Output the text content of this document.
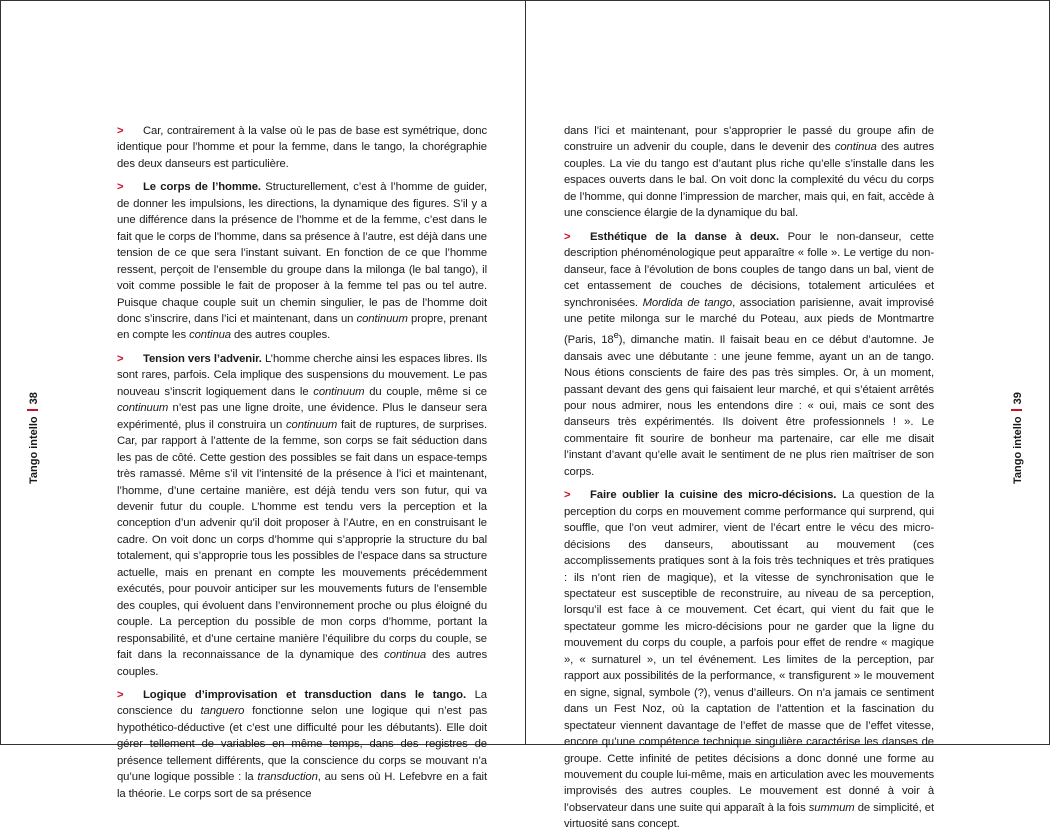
Tango intello38

> Car, contrairement à la valse où le pas de base est symétrique, donc identique pour l’homme et pour la femme, dans le tango, la chorégraphie des deux danseurs est particulière.

> Le corps de l’homme. Structurellement, c’est à l’homme de guider, de donner les impulsions, les directions, la dynamique des figures. S’il y a une différence dans la présence de l’homme et de la femme, c’est dans le fait que le corps de l’homme, dans sa présence à l’autre, est déjà dans une tension de ce que sera l’instant suivant. En fonction de ce que l’homme ressent, perçoit de l’ensemble du groupe dans la milonga (le bal tango), il voit comme possible le fait de proposer à la femme tel pas ou tel autre. Puisque chaque couple suit un chemin singulier, le pas de l’homme doit donc s’inscrire, dans l’ici et maintenant, dans un continuum propre, prenant en compte les continua des autres couples.

> Tension vers l’advenir. L’homme cherche ainsi les espaces libres. Ils sont rares, parfois. Cela implique des suspensions du mouvement. Le pas nouveau s’inscrit logiquement dans le continuum du couple, même si ce continuum n’est pas une ligne droite, une évidence. Plus le danseur sera expérimenté, plus il construira un continuum fait de ruptures, de surprises. Car, par rapport à l’attente de la femme, son corps se fait séduction dans les pas de côté. Cette gestion des possibles se fait dans un espace-temps très ramassé. Même s’il vit l’intensité de la présence à l’ici et maintenant, l’homme, d’une certaine manière, est déjà tendu vers son futur, qui va devenir futur du couple. L’homme est tendu vers la perception et la conception d’un advenir qu’il doit proposer à l’Autre, en en construisant le cadre. On voit donc un corps d’homme qui s’approprie la structure du bal totalement, qui s’approprie tous les possibles de l’espace dans sa structure actuelle, mais en prenant en compte les mouvements précédemment exécutés, pour pouvoir anticiper sur les mouvements futurs de l’ensemble des couples, qui évoluent dans l’environnement proche ou plus éloigné du couple. La perception du possible de mon corps d’homme, portant la responsabilité, et d’une certaine manière l’équilibre du corps du couple, se fait dans la reconnaissance de la dynamique des continua des autres couples.

> Logique d’improvisation et transduction dans le tango. La conscience du tanguero fonctionne selon une logique qui n’est pas hypothético-déductive (et c’est une difficulté pour les débutants). Elle doit gérer tellement de variables en même temps, dans des registres de présence tellement différents, que la conscience du corps se mouvant n’a qu’une logique possible : la transduction, au sens où H. Lefebvre en a fait la théorie. Le corps sort de sa présence

Tango intello39

dans l’ici et maintenant, pour s’approprier le passé du groupe afin de construire un advenir du couple, dans le devenir des continua des autres couples. La vie du tango est d’autant plus riche qu’elle s’installe dans les espaces ouverts dans le bal. On voit donc la complexité du vécu du corps de l’homme, qui donne l’impression de marcher, mais qui, en fait, accède à une conscience élargie de la dynamique du bal.

> Esthétique de la danse à deux. Pour le non-danseur, cette description phénoménologique peut apparaître « folle ». Le vertige du non-danseur, face à l’évolution de bons couples de tango dans un bal, vient de cet entassement de couches de décisions, totalement articulées et synchronisées. Mordida de tango, association parisienne, avait improvisé une petite milonga sur le marché du Poteau, aux pieds de Montmartre (Paris, 18e), dimanche matin. Il faisait beau en ce début d’automne. Je dansais avec une débutante : une jeune femme, ayant un an de tango. Nous étions conscients de faire des pas très simples. Or, à un moment, passant devant des gens qui faisaient leur marché, et qui s’étaient arrêtés pour nous admirer, nous les entendons dire : « oui, mais ce sont des danseurs très expérimentés. Ils doivent être professionnels ! ». Le commentaire fit sourire de bonheur ma partenaire, car elle me disait l’instant d’avant qu’elle avait le sentiment de ne plus rien maîtriser de son corps.

> Faire oublier la cuisine des micro-décisions. La question de la perception du corps en mouvement comme performance qui surprend, qui souffle, que l’on veut admirer, vient de l’écart entre le vécu des micro-décisions des danseurs, aboutissant au mouvement (ces accomplissements pratiques sont à la fois très techniques et très pratiques : ils n’ont rien de magique), et la vitesse de synchronisation que le spectateur est susceptible de reconstruire, au niveau de sa perception, lorsqu’il est face à ce mouvement. Cet écart, qui vient du fait que le spectateur gomme les micro-décisions pour ne garder que la ligne du mouvement du corps du couple, a parfois pour effet de rendre « magique », « surnaturel », un tel événement. Les limites de la perception, par rapport aux possibilités de la performance, « transfigurent » le mouvement en signe, signal, symbole (?), venus d’ailleurs. On n’a jamais ce sentiment dans un Fest Noz, où la captation de l’attention et la fascination du spectateur viennent davantage de l’effet de masse que de l’effet vitesse, encore qu’une compétence technique singulière caractérise les danses de groupe. Cette infinité de petites décisions a donc donné une forme au mouvement du couple lui-même, mais en articulation avec les mouvements improvisés des autres couples. Le mouvement est donné à voir à l’observateur dans une suite qui apparaît à la fois summum de simplicité, et virtuosité sans concept.
